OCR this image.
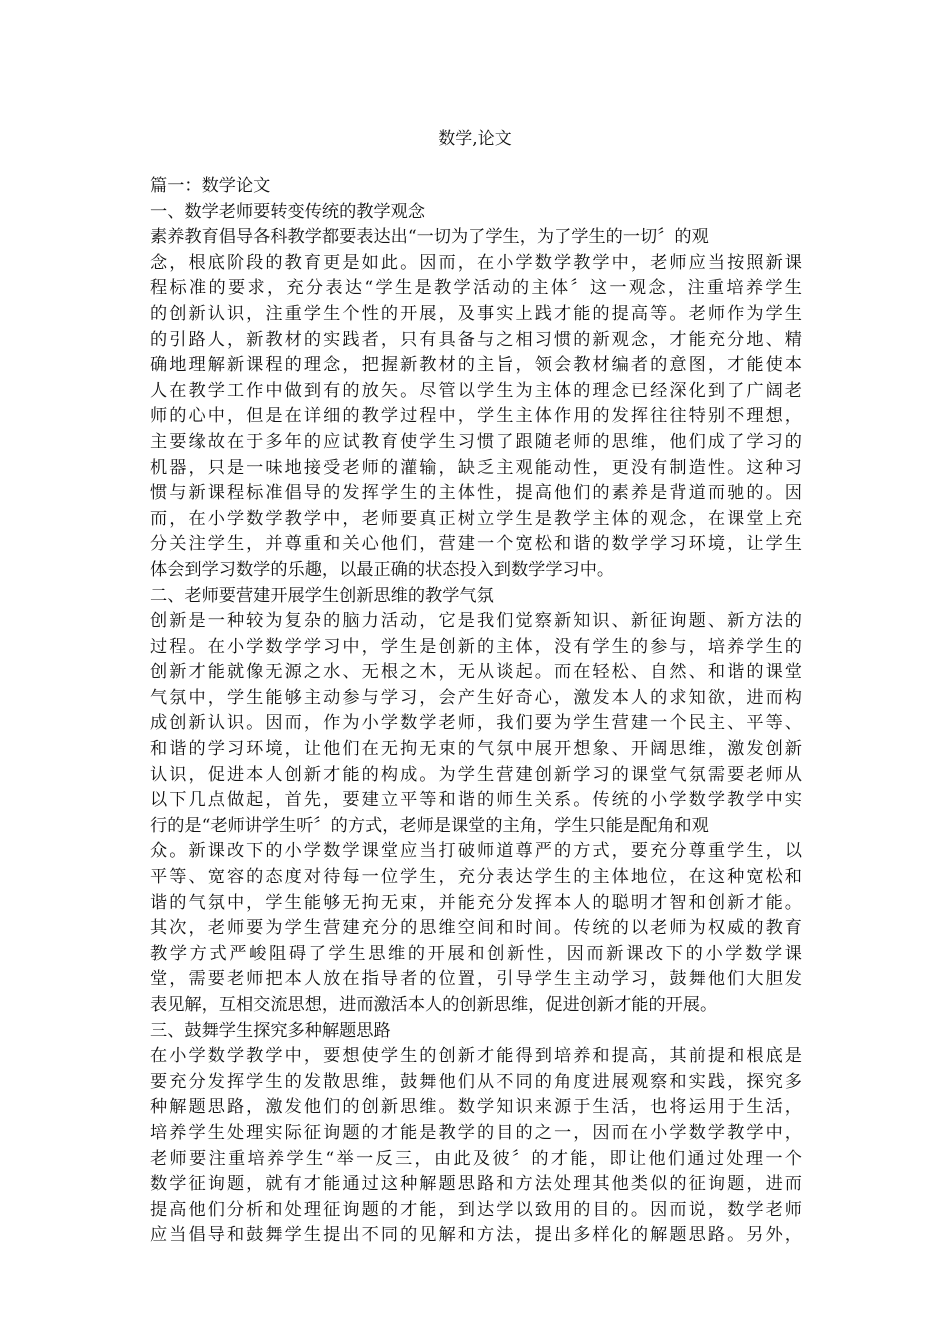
数学,论文
篇一：数学论文
一、数学老师要转变传统的教学观念
素养教育倡导各科教学都要表达出“一切为了学生，为了学生的一切〞的观
念，根底阶段的教育更是如此。因而，在小学数学教学中，老师应当按照新课
程标准的要求，充分表达“学生是教学活动的主体〞这一观念，注重培养学生
的创新认识，注重学生个性的开展，及事实上践才能的提高等。老师作为学生
的引路人，新教材的实践者，只有具备与之相习惯的新观念，才能充分地、精
确地理解新课程的理念，把握新教材的主旨，领会教材编者的意图，才能使本
人在教学工作中做到有的放矢。尽管以学生为主体的理念已经深化到了广阔老
师的心中，但是在详细的教学过程中，学生主体作用的发挥往往特别不理想，
主要缘故在于多年的应试教育使学生习惯了跟随老师的思维，他们成了学习的
机器，只是一味地接受老师的灌输，缺乏主观能动性，更没有制造性。这种习
惯与新课程标准倡导的发挥学生的主体性，提高他们的素养是背道而驰的。因
而，在小学数学教学中，老师要真正树立学生是教学主体的观念，在课堂上充
分关注学生，并尊重和关心他们，营建一个宽松和谐的数学学习环境，让学生
体会到学习数学的乐趣，以最正确的状态投入到数学学习中。
二、老师要营建开展学生创新思维的教学气氛
创新是一种较为复杂的脑力活动，它是我们觉察新知识、新征询题、新方法的
过程。在小学数学学习中，学生是创新的主体，没有学生的参与，培养学生的
创新才能就像无源之水、无根之木，无从谈起。而在轻松、自然、和谐的课堂
气氛中，学生能够主动参与学习，会产生好奇心，激发本人的求知欲，进而构
成创新认识。因而，作为小学数学老师，我们要为学生营建一个民主、平等、
和谐的学习环境，让他们在无拘无束的气氛中展开想象、开阔思维，激发创新
认识，促进本人创新才能的构成。为学生营建创新学习的课堂气氛需要老师从
以下几点做起，首先，要建立平等和谐的师生关系。传统的小学数学教学中实
行的是“老师讲学生听〞的方式，老师是课堂的主角，学生只能是配角和观
众。新课改下的小学数学课堂应当打破师道尊严的方式，要充分尊重学生，以
平等、宽容的态度对待每一位学生，充分表达学生的主体地位，在这种宽松和
谐的气氛中，学生能够无拘无束，并能充分发挥本人的聪明才智和创新才能。
其次，老师要为学生营建充分的思维空间和时间。传统的以老师为权威的教育
教学方式严峻阻碍了学生思维的开展和创新性，因而新课改下的小学数学课
堂，需要老师把本人放在指导者的位置，引导学生主动学习，鼓舞他们大胆发
表见解，互相交流思想，进而激活本人的创新思维，促进创新才能的开展。
三、鼓舞学生探究多种解题思路
在小学数学教学中，要想使学生的创新才能得到培养和提高，其前提和根底是
要充分发挥学生的发散思维，鼓舞他们从不同的角度进展观察和实践，探究多
种解题思路，激发他们的创新思维。数学知识来源于生活，也将运用于生活，
培养学生处理实际征询题的才能是教学的目的之一，因而在小学数学教学中，
老师要注重培养学生“举一反三，由此及彼〞的才能，即让他们通过处理一个
数学征询题，就有才能通过这种解题思路和方法处理其他类似的征询题，进而
提高他们分析和处理征询题的才能，到达学以致用的目的。因而说，数学老师
应当倡导和鼓舞学生提出不同的见解和方法，提出多样化的解题思路。另外，
